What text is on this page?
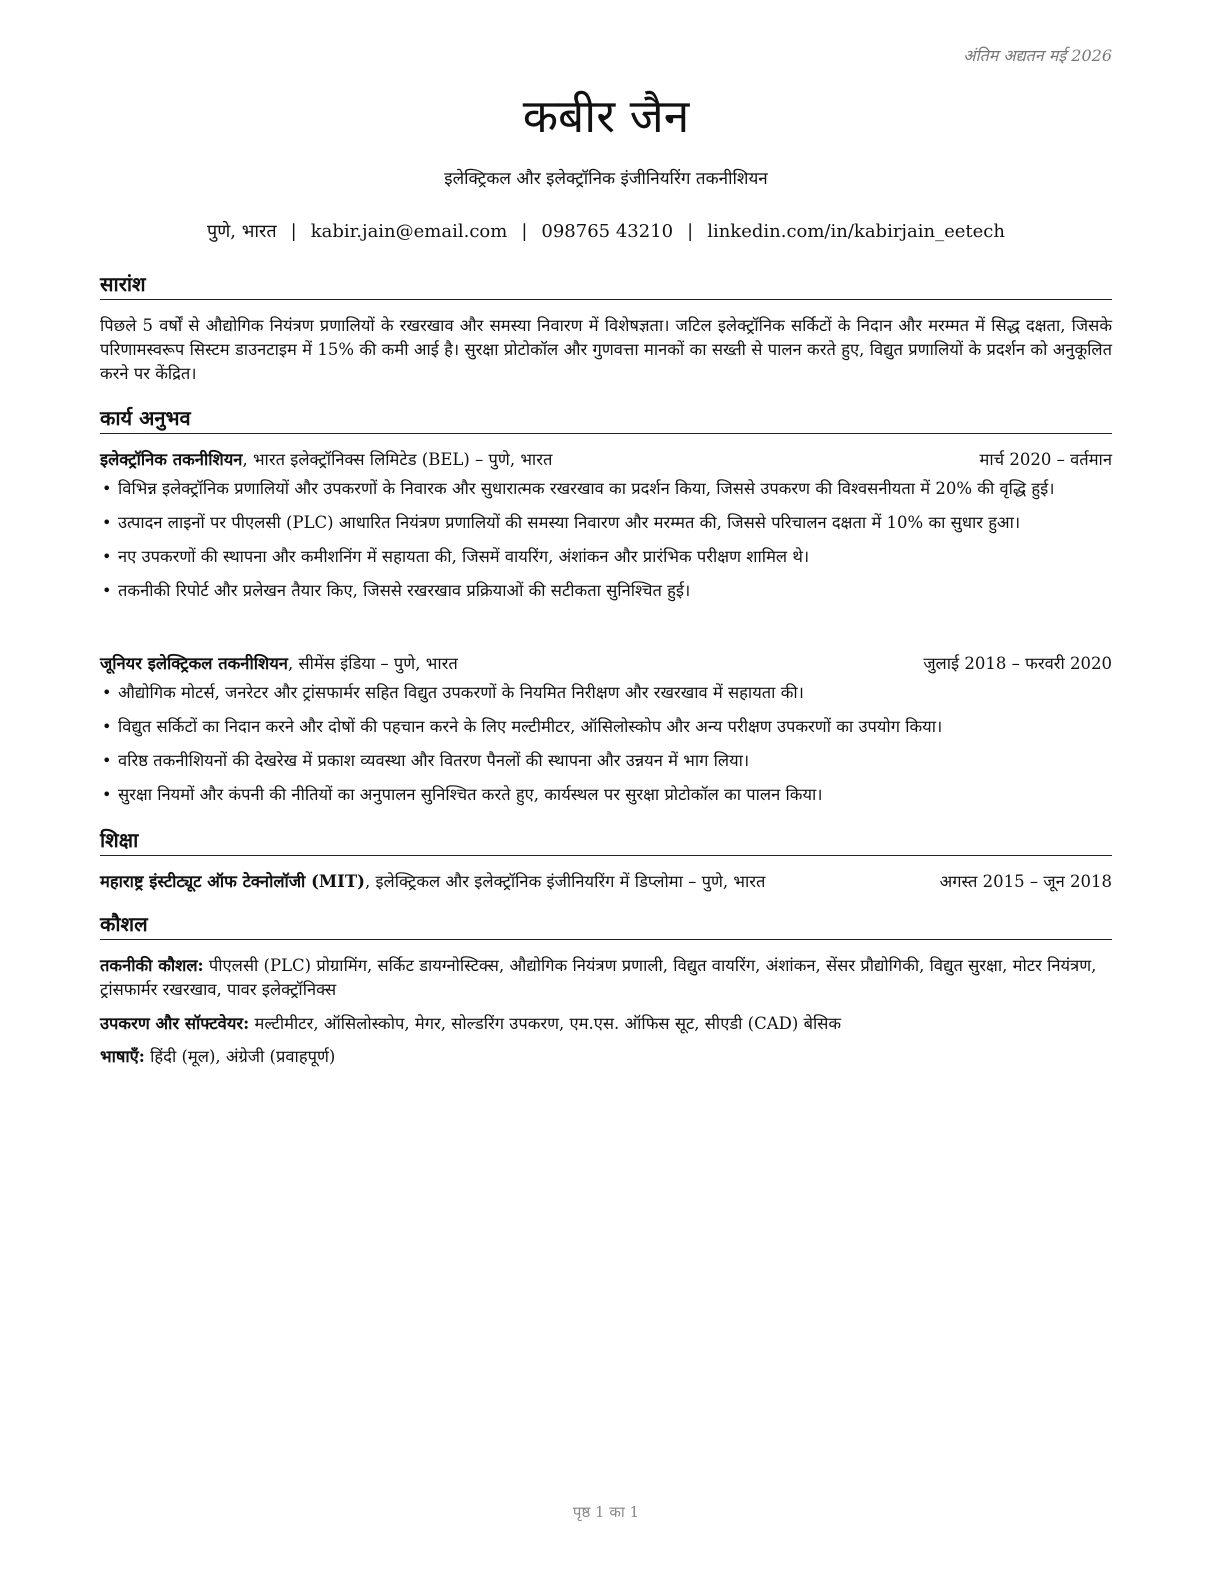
अंतिम अद्यतन मई 2026
कबीर जैन
इलेक्ट्रिकल और इलेक्ट्रॉनिक इंजीनियरिंग तकनीशियन
पुणे, भारत | kabir.jain@email.com | 098765 43210 | linkedin.com/in/kabirjain_eetech
सारांश
पिछले 5 वर्षों से औद्योगिक नियंत्रण प्रणालियों के रखरखाव और समस्या निवारण में विशेषज्ञता। जटिल इलेक्ट्रॉनिक सर्किटों के निदान और मरम्मत में सिद्ध दक्षता, जिसके परिणामस्वरूप सिस्टम डाउनटाइम में 15% की कमी आई है। सुरक्षा प्रोटोकॉल और गुणवत्ता मानकों का सख्ती से पालन करते हुए, विद्युत प्रणालियों के प्रदर्शन को अनुकूलित करने पर केंद्रित।
कार्य अनुभव
इलेक्ट्रॉनिक तकनीशियन, भारत इलेक्ट्रॉनिक्स लिमिटेड (BEL) – पुणे, भारत	मार्च 2020 – वर्तमान
• विभिन्न इलेक्ट्रॉनिक प्रणालियों और उपकरणों के निवारक और सुधारात्मक रखरखाव का प्रदर्शन किया, जिससे उपकरण की विश्वसनीयता में 20% की वृद्धि हुई।
• उत्पादन लाइनों पर पीएलसी (PLC) आधारित नियंत्रण प्रणालियों की समस्या निवारण और मरम्मत की, जिससे परिचालन दक्षता में 10% का सुधार हुआ।
• नए उपकरणों की स्थापना और कमीशनिंग में सहायता की, जिसमें वायरिंग, अंशांकन और प्रारंभिक परीक्षण शामिल थे।
• तकनीकी रिपोर्ट और प्रलेखन तैयार किए, जिससे रखरखाव प्रक्रियाओं की सटीकता सुनिश्चित हुई।
जूनियर इलेक्ट्रिकल तकनीशियन, सीमेंस इंडिया – पुणे, भारत	जुलाई 2018 – फरवरी 2020
• औद्योगिक मोटर्स, जनरेटर और ट्रांसफार्मर सहित विद्युत उपकरणों के नियमित निरीक्षण और रखरखाव में सहायता की।
• विद्युत सर्किटों का निदान करने और दोषों की पहचान करने के लिए मल्टीमीटर, ऑसिलोस्कोप और अन्य परीक्षण उपकरणों का उपयोग किया।
• वरिष्ठ तकनीशियनों की देखरेख में प्रकाश व्यवस्था और वितरण पैनलों की स्थापना और उन्नयन में भाग लिया।
• सुरक्षा नियमों और कंपनी की नीतियों का अनुपालन सुनिश्चित करते हुए, कार्यस्थल पर सुरक्षा प्रोटोकॉल का पालन किया।
शिक्षा
महाराष्ट्र इंस्टीट्यूट ऑफ टेक्नोलॉजी (MIT), इलेक्ट्रिकल और इलेक्ट्रॉनिक इंजीनियरिंग में डिप्लोमा – पुणे, भारत	अगस्त 2015 – जून 2018
कौशल
तकनीकी कौशल: पीएलसी (PLC) प्रोग्रामिंग, सर्किट डायग्नोस्टिक्स, औद्योगिक नियंत्रण प्रणाली, विद्युत वायरिंग, अंशांकन, सेंसर प्रौद्योगिकी, विद्युत सुरक्षा, मोटर नियंत्रण, ट्रांसफार्मर रखरखाव, पावर इलेक्ट्रॉनिक्स
उपकरण और सॉफ्टवेयर: मल्टीमीटर, ऑसिलोस्कोप, मेगर, सोल्डरिंग उपकरण, एम.एस. ऑफिस सूट, सीएडी (CAD) बेसिक
भाषाएँ: हिंदी (मूल), अंग्रेजी (प्रवाहपूर्ण)
पृष्ठ 1 का 1
